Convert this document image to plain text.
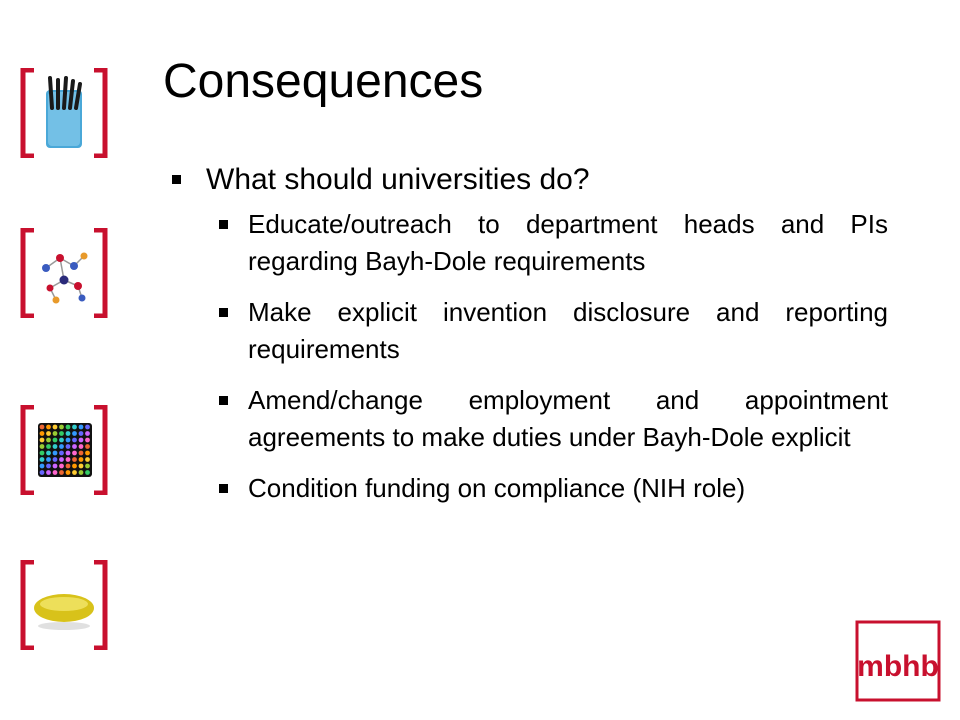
Consequences
What should universities do?
Educate/outreach to department heads and PIs regarding Bayh-Dole requirements
Make explicit invention disclosure and reporting requirements
Amend/change employment and appointment agreements to make duties under Bayh-Dole explicit
Condition funding on compliance (NIH role)
mbhb
